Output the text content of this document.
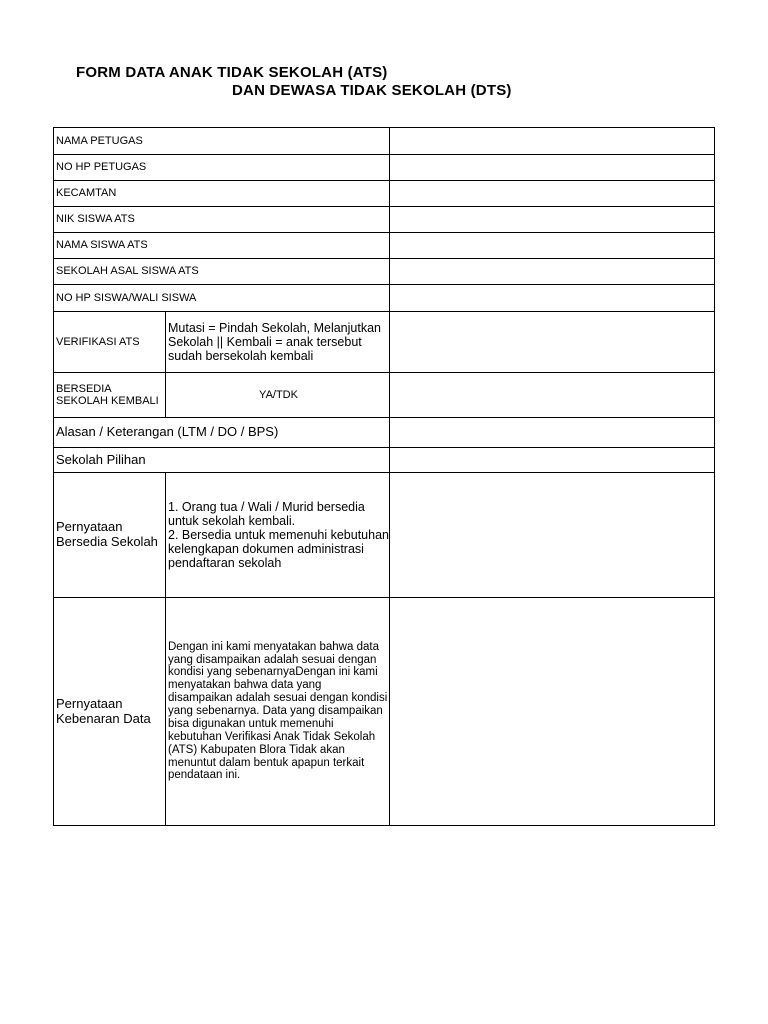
FORM DATA ANAK TIDAK SEKOLAH (ATS)
DAN DEWASA TIDAK SEKOLAH (DTS)
NAMA PETUGAS		
NO HP PETUGAS		
KECAMTAN		
NIK SISWA ATS		
NAMA SISWA ATS		
SEKOLAH ASAL SISWA ATS		
NO HP SISWA/WALI SISWA		
VERIFIKASI ATS	Mutasi = Pindah Sekolah, Melanjutkan Sekolah || Kembali = anak tersebut sudah bersekolah kembali	
BERSEDIA
SEKOLAH KEMBALI	YA/TDK	
Alasan / Keterangan (LTM / DO / BPS)		
Sekolah Pilihan		
Pernyataan Bersedia Sekolah	1. Orang tua / Wali / Murid bersedia untuk sekolah kembali.
2. Bersedia untuk memenuhi kebutuhan kelengkapan dokumen administrasi pendaftaran sekolah	

Pernyataan Kebenaran Data	Dengan ini kami menyatakan bahwa data yang disampaikan adalah sesuai dengan kondisi yang sebenarnyaDengan ini kami menyatakan bahwa data yang disampaikan adalah sesuai dengan kondisi yang sebenarnya. Data yang disampaikan bisa digunakan untuk memenuhi kebutuhan Verifikasi Anak Tidak Sekolah (ATS) Kabupaten Blora Tidak akan menuntut dalam bentuk apapun terkait pendataan ini.	
